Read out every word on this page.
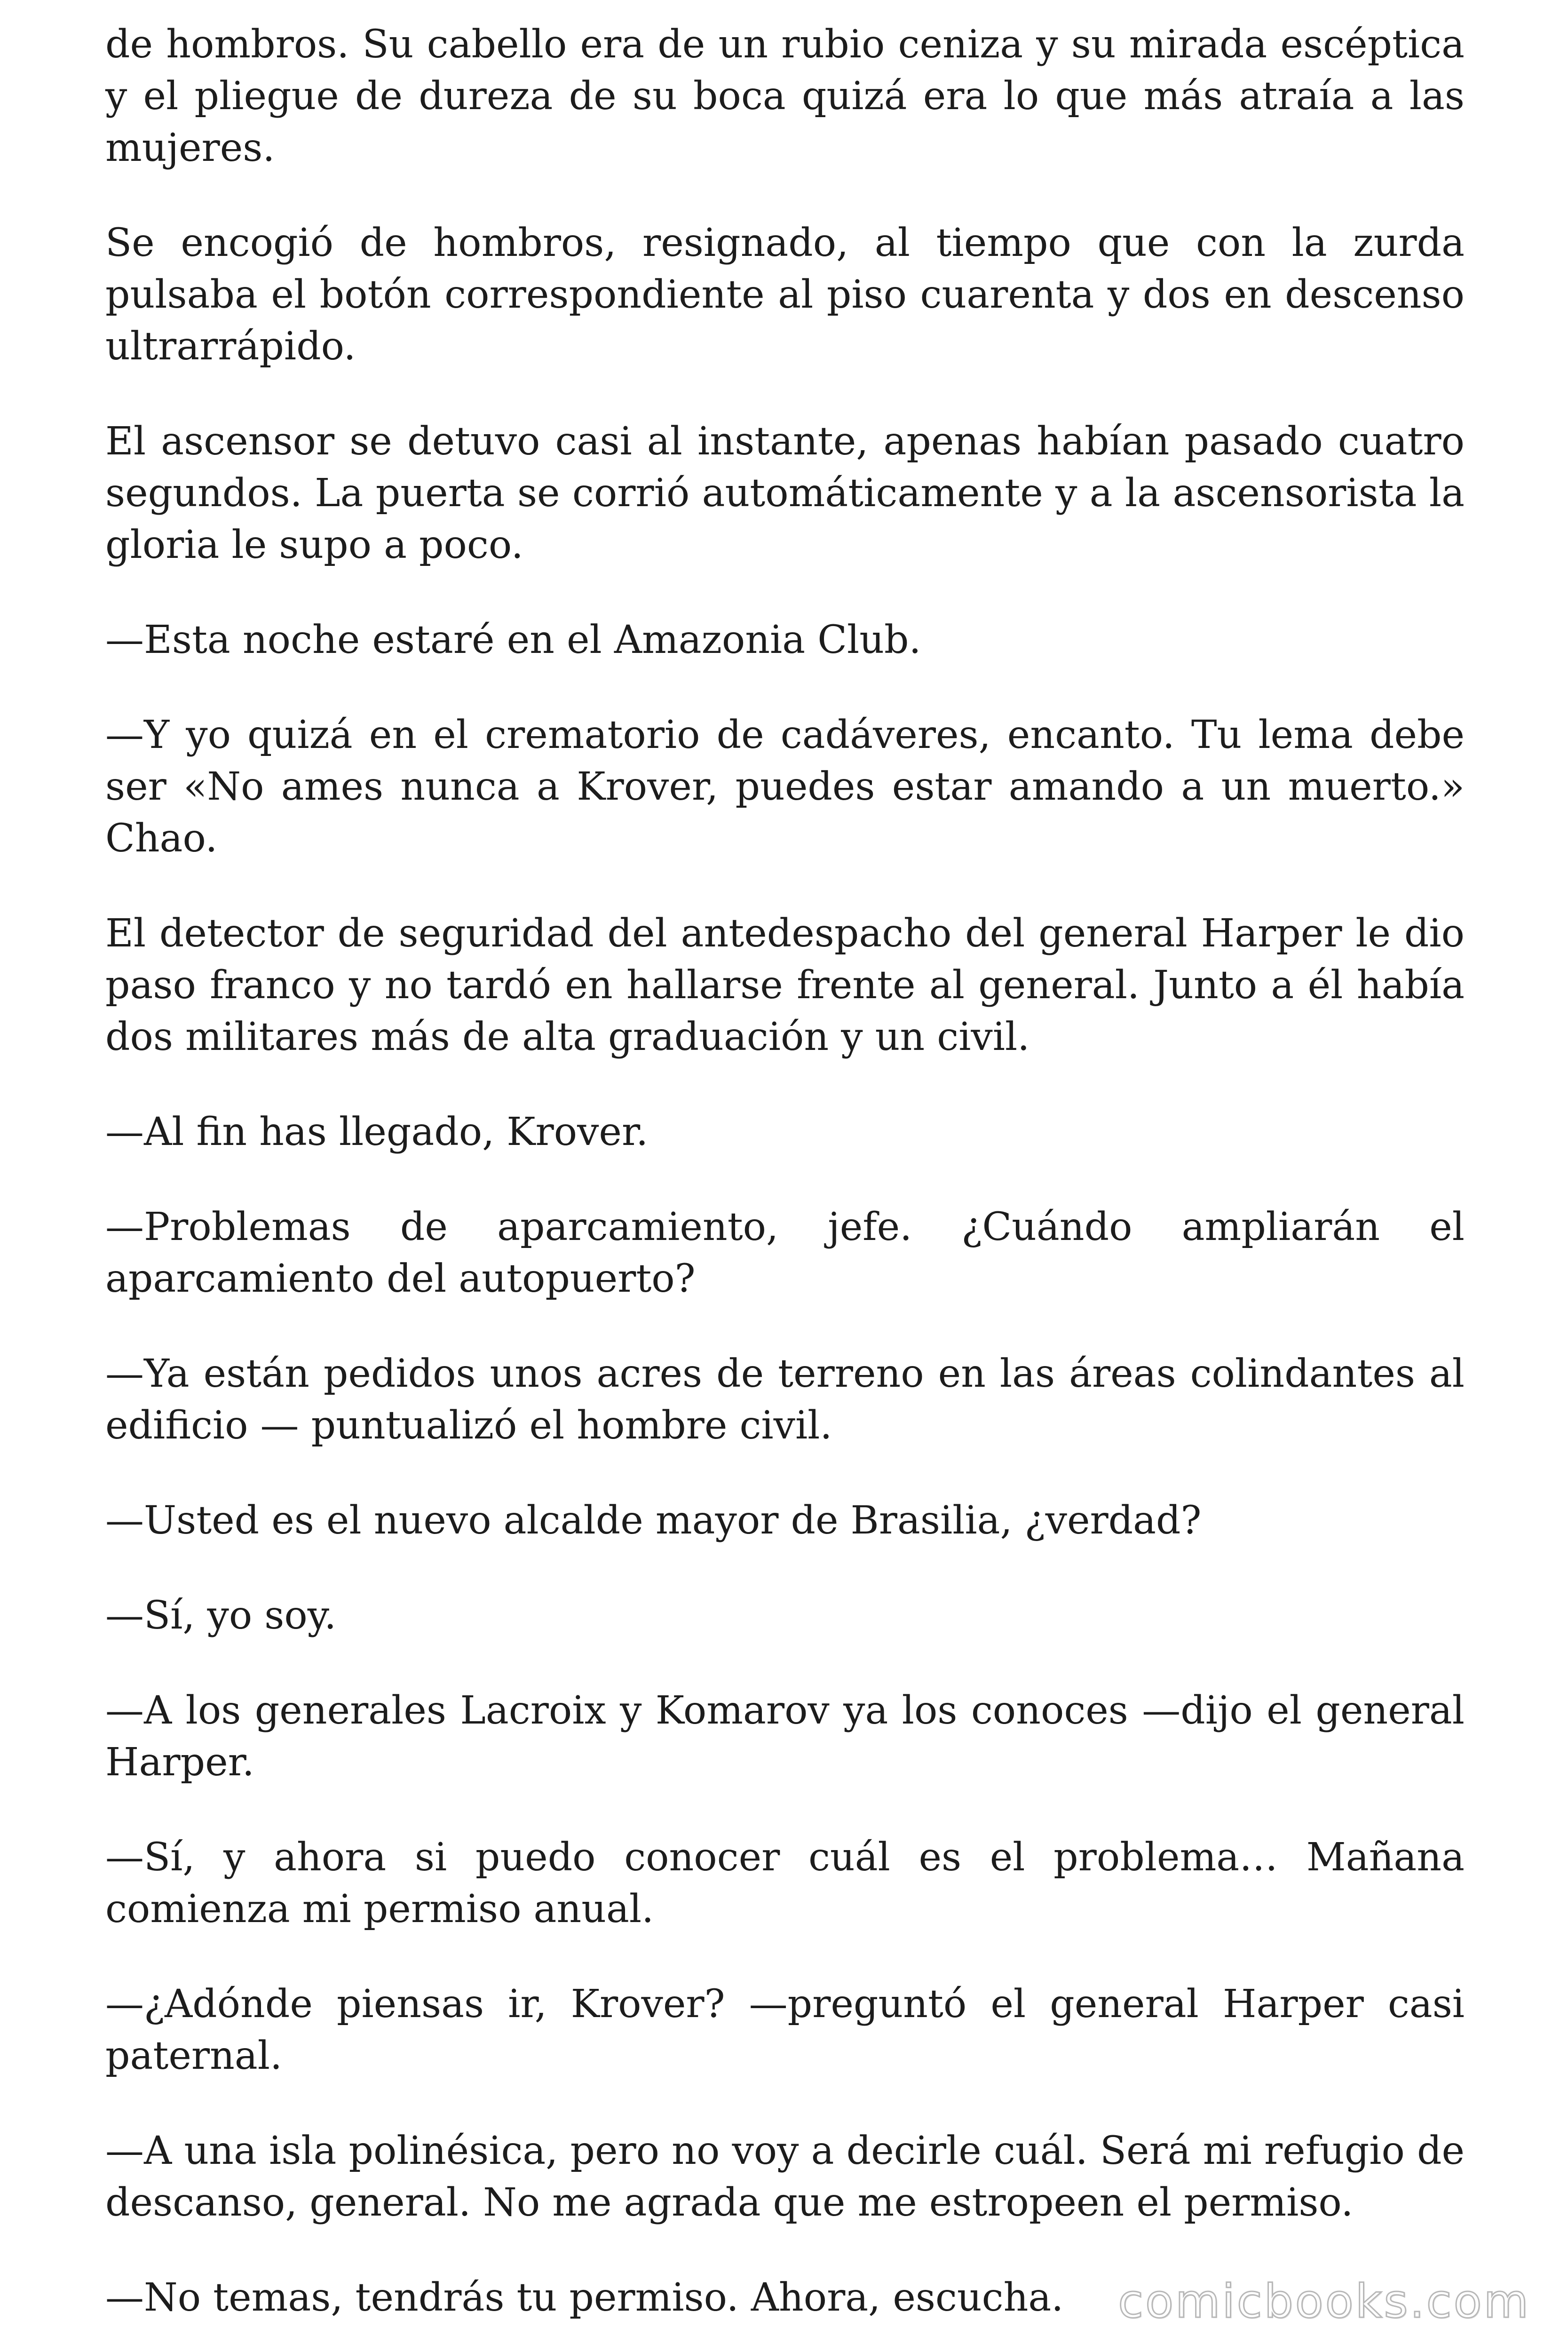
de hombros. Su cabello era de un rubio ceniza y su mirada escéptica y el pliegue de dureza de su boca quizá era lo que más atraía a las mujeres.

Se encogió de hombros, resignado, al tiempo que con la zurda pulsaba el botón correspondiente al piso cuarenta y dos en descenso ultrarrápido.

El ascensor se detuvo casi al instante, apenas habían pasado cuatro segundos. La puerta se corrió automáticamente y a la ascensorista la gloria le supo a poco.

—Esta noche estaré en el Amazonia Club.

—Y yo quizá en el crematorio de cadáveres, encanto. Tu lema debe ser «No ames nunca a Krover, puedes estar amando a un muerto.» Chao.

El detector de seguridad del antedespacho del general Harper le dio paso franco y no tardó en hallarse frente al general. Junto a él había dos militares más de alta graduación y un civil.

—Al fin has llegado, Krover.

—Problemas de aparcamiento, jefe. ¿Cuándo ampliarán el aparcamiento del autopuerto?

—Ya están pedidos unos acres de terreno en las áreas colindantes al edificio — puntualizó el hombre civil.

—Usted es el nuevo alcalde mayor de Brasilia, ¿verdad?

—Sí, yo soy.

—A los generales Lacroix y Komarov ya los conoces —dijo el general Harper.

—Sí, y ahora si puedo conocer cuál es el problema… Mañana comienza mi permiso anual.

—¿Adónde piensas ir, Krover? —preguntó el general Harper casi paternal.

—A una isla polinésica, pero no voy a decirle cuál. Será mi refugio de descanso, general. No me agrada que me estropeen el permiso.

—No temas, tendrás tu permiso. Ahora, escucha.	comicbooks.com
